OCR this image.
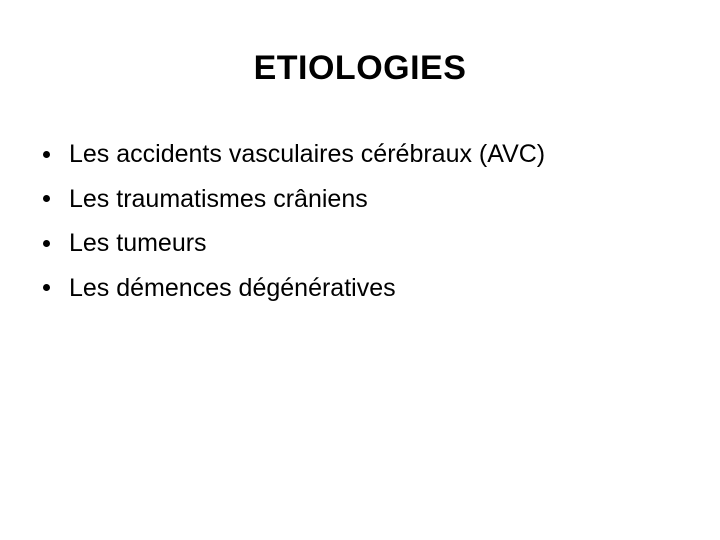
ETIOLOGIES
Les accidents vasculaires cérébraux (AVC)
Les traumatismes crâniens
Les tumeurs
Les démences dégénératives
